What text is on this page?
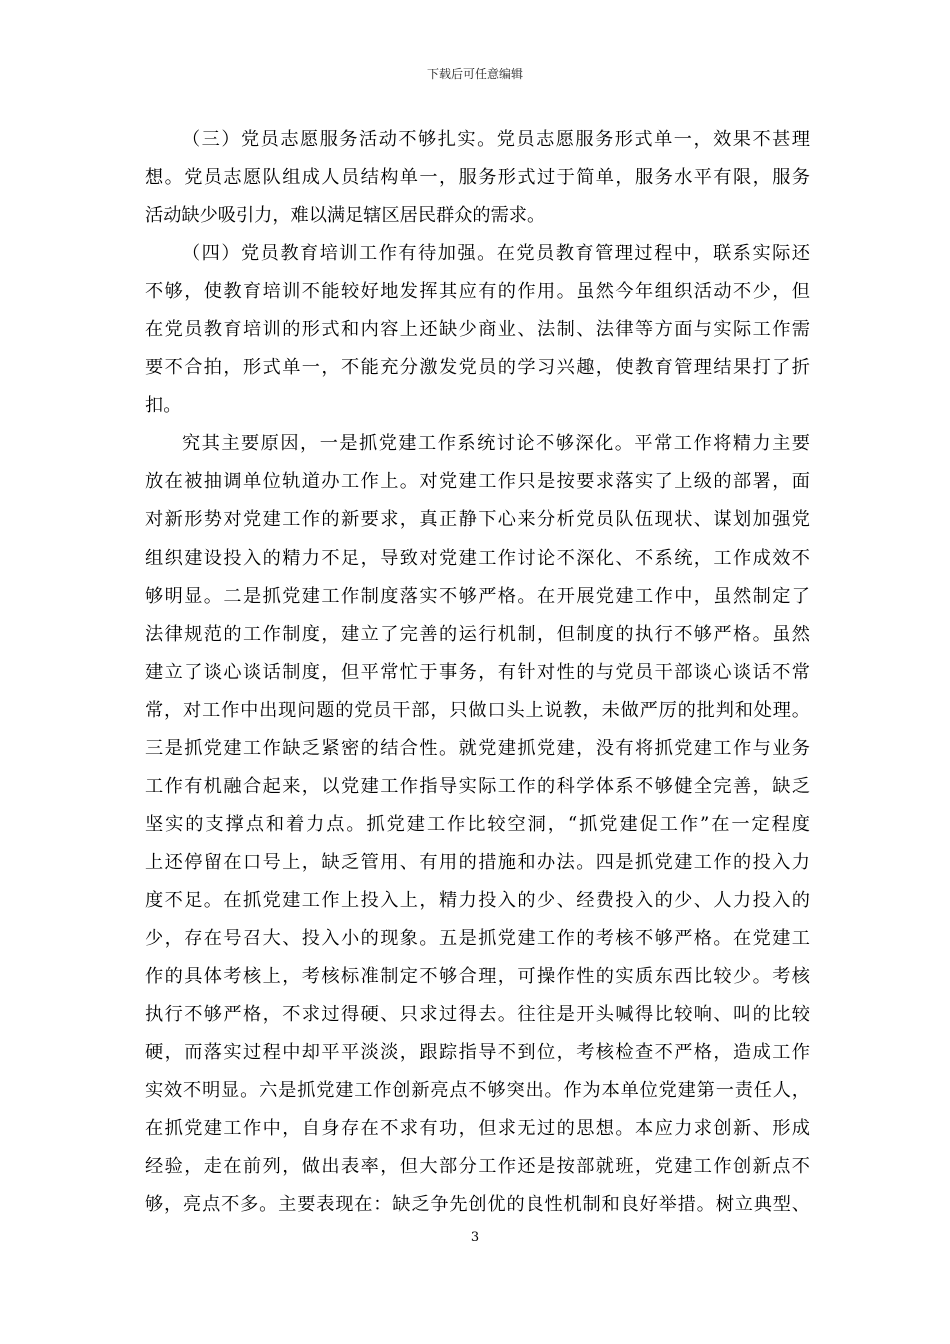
下载后可任意编辑
（三）党员志愿服务活动不够扎实。党员志愿服务形式单一，效果不甚理
想。党员志愿队组成人员结构单一，服务形式过于简单，服务水平有限，服务
活动缺少吸引力，难以满足辖区居民群众的需求。
（四）党员教育培训工作有待加强。在党员教育管理过程中，联系实际还
不够，使教育培训不能较好地发挥其应有的作用。虽然今年组织活动不少，但
在党员教育培训的形式和内容上还缺少商业、法制、法律等方面与实际工作需
要不合拍，形式单一，不能充分激发党员的学习兴趣，使教育管理结果打了折
扣。
究其主要原因，一是抓党建工作系统讨论不够深化。平常工作将精力主要
放在被抽调单位轨道办工作上。对党建工作只是按要求落实了上级的部署，面
对新形势对党建工作的新要求，真正静下心来分析党员队伍现状、谋划加强党
组织建设投入的精力不足，导致对党建工作讨论不深化、不系统，工作成效不
够明显。二是抓党建工作制度落实不够严格。在开展党建工作中，虽然制定了
法律规范的工作制度，建立了完善的运行机制，但制度的执行不够严格。虽然
建立了谈心谈话制度，但平常忙于事务，有针对性的与党员干部谈心谈话不常
常，对工作中出现问题的党员干部，只做口头上说教，未做严厉的批判和处理。
三是抓党建工作缺乏紧密的结合性。就党建抓党建，没有将抓党建工作与业务
工作有机融合起来，以党建工作指导实际工作的科学体系不够健全完善，缺乏
坚实的支撑点和着力点。抓党建工作比较空洞，“抓党建促工作”在一定程度
上还停留在口号上，缺乏管用、有用的措施和办法。四是抓党建工作的投入力
度不足。在抓党建工作上投入上，精力投入的少、经费投入的少、人力投入的
少，存在号召大、投入小的现象。五是抓党建工作的考核不够严格。在党建工
作的具体考核上，考核标准制定不够合理，可操作性的实质东西比较少。考核
执行不够严格，不求过得硬、只求过得去。往往是开头喊得比较响、叫的比较
硬，而落实过程中却平平淡淡，跟踪指导不到位，考核检查不严格，造成工作
实效不明显。六是抓党建工作创新亮点不够突出。作为本单位党建第一责任人，
在抓党建工作中，自身存在不求有功，但求无过的思想。本应力求创新、形成
经验，走在前列，做出表率，但大部分工作还是按部就班，党建工作创新点不
够，亮点不多。主要表现在：缺乏争先创优的良性机制和良好举措。树立典型、
3
